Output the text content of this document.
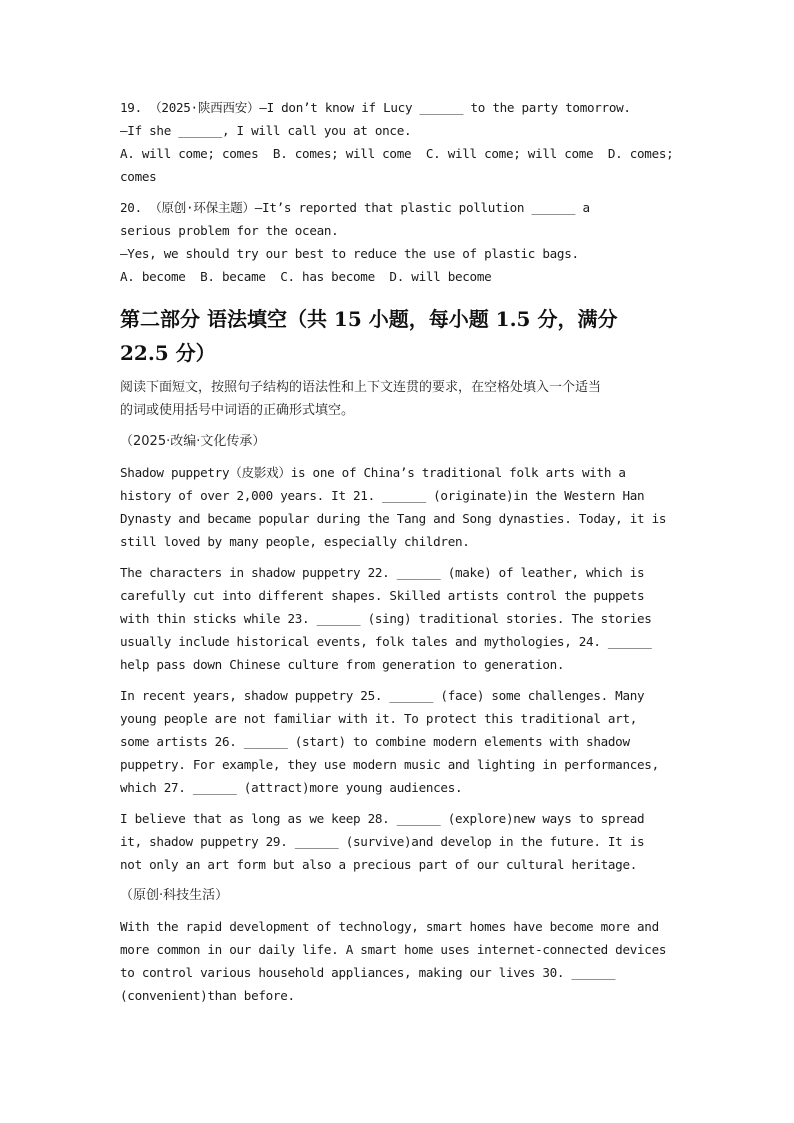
19. （2025·陕西西安）—I don’t know if Lucy ______ to the party tomorrow.
—If she ______, I will call you at once.
A. will come; comes  B. comes; will come  C. will come; will come  D. comes;
comes
20. （原创·环保主题）—It’s reported that plastic pollution ______ a
serious problem for the ocean.
—Yes, we should try our best to reduce the use of plastic bags.
A. become  B. became  C. has become  D. will become
第二部分 语法填空（共 15 小题，每小题 1.5 分，满分
22.5 分）
阅读下面短文，按照句子结构的语法性和上下文连贯的要求，在空格处填入一个适当
的词或使用括号中词语的正确形式填空。
（2025·改编·文化传承）
Shadow puppetry（皮影戏）is one of China’s traditional folk arts with a
history of over 2,000 years. It 21. ______ (originate)in the Western Han
Dynasty and became popular during the Tang and Song dynasties. Today, it is
still loved by many people, especially children.
The characters in shadow puppetry 22. ______ (make) of leather, which is
carefully cut into different shapes. Skilled artists control the puppets
with thin sticks while 23. ______ (sing) traditional stories. The stories
usually include historical events, folk tales and mythologies, 24. ______
help pass down Chinese culture from generation to generation.
In recent years, shadow puppetry 25. ______ (face) some challenges. Many
young people are not familiar with it. To protect this traditional art,
some artists 26. ______ (start) to combine modern elements with shadow
puppetry. For example, they use modern music and lighting in performances,
which 27. ______ (attract)more young audiences.
I believe that as long as we keep 28. ______ (explore)new ways to spread
it, shadow puppetry 29. ______ (survive)and develop in the future. It is
not only an art form but also a precious part of our cultural heritage.
（原创·科技生活）
With the rapid development of technology, smart homes have become more and
more common in our daily life. A smart home uses internet-connected devices
to control various household appliances, making our lives 30. ______
(convenient)than before.
